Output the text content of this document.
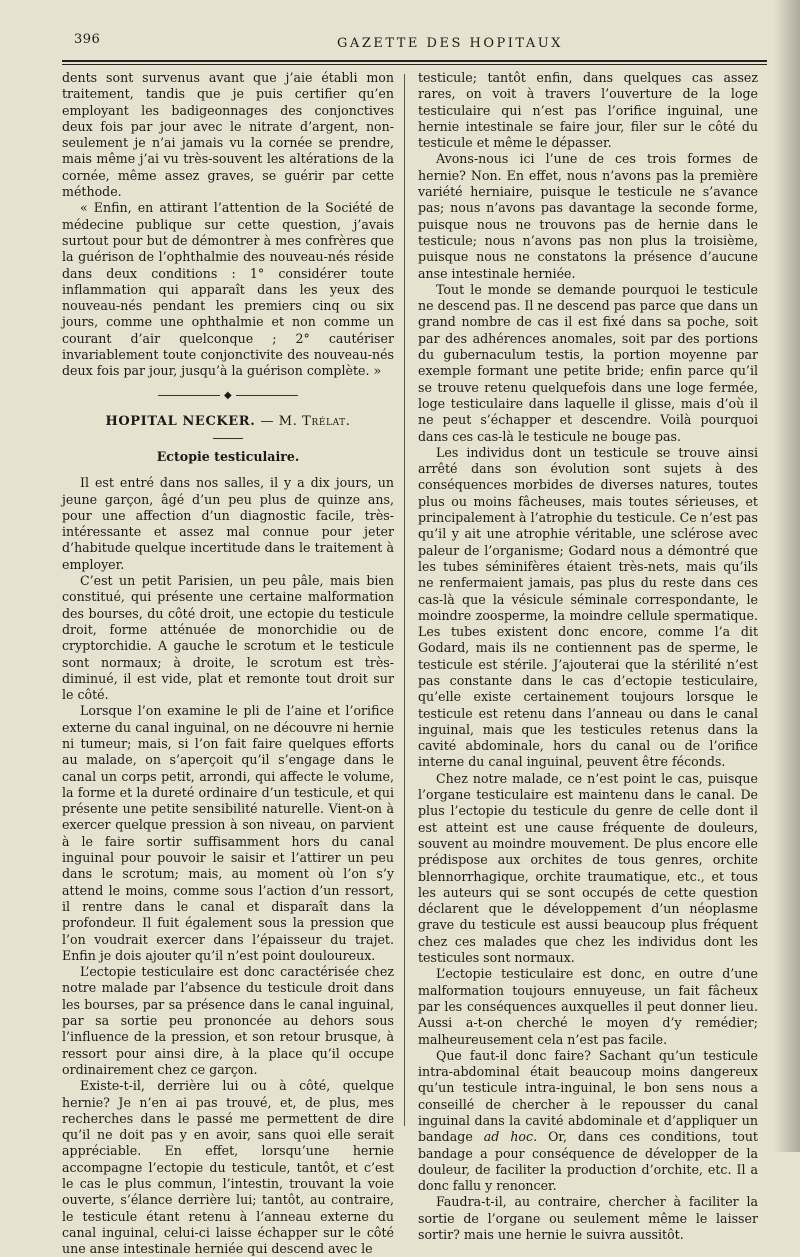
396	GAZETTE DES HOPITAUX

dents sont survenus avant que j’aie établi mon traitement, tandis que je puis certifier qu’en employant les badigeonnages des conjonctives deux fois par jour avec le nitrate d’argent, non-seulement je n’ai jamais vu la cornée se prendre, mais même j’ai vu très-souvent les altérations de la cornée, même assez graves, se guérir par cette méthode.

« Enfin, en attirant l’attention de la Société de médecine publique sur cette question, j’avais surtout pour but de démontrer à mes confrères que la guérison de l’ophthalmie des nouveau-nés réside dans deux conditions : 1° considérer toute inflammation qui apparaît dans les yeux des nouveau-nés pendant les premiers cinq ou six jours, comme une ophthalmie et non comme un courant d’air quelconque ; 2° cautériser invariablement toute conjonctivite des nouveau-nés deux fois par jour, jusqu’à la guérison complète. »

◆
HOPITAL NECKER. — M. Trélat.
Ectopie testiculaire.

Il est entré dans nos salles, il y a dix jours, un jeune garçon, âgé d’un peu plus de quinze ans, pour une affection d’un diagnostic facile, très-intéressante et assez mal connue pour jeter d’habitude quelque incertitude dans le traitement à employer.

C’est un petit Parisien, un peu pâle, mais bien constitué, qui présente une certaine malformation des bourses, du côté droit, une ectopie du testicule droit, forme atténuée de monorchidie ou de cryptorchidie. A gauche le scrotum et le testicule sont normaux; à droite, le scrotum est très-diminué, il est vide, plat et remonte tout droit sur le côté.

Lorsque l’on examine le pli de l’aine et l’orifice externe du canal inguinal, on ne découvre ni hernie ni tumeur; mais, si l’on fait faire quelques efforts au malade, on s’aperçoit qu’il s’engage dans le canal un corps petit, arrondi, qui affecte le volume, la forme et la dureté ordinaire d’un testicule, et qui présente une petite sensibilité naturelle. Vient-on à exercer quelque pression à son niveau, on parvient à le faire sortir suffisamment hors du canal inguinal pour pouvoir le saisir et l’attirer un peu dans le scrotum; mais, au moment où l’on s’y attend le moins, comme sous l’action d’un ressort, il rentre dans le canal et disparaît dans la profondeur. Il fuit également sous la pression que l’on voudrait exercer dans l’épaisseur du trajet. Enfin je dois ajouter qu’il n’est point douloureux.

L’ectopie testiculaire est donc caractérisée chez notre malade par l’absence du testicule droit dans les bourses, par sa présence dans le canal inguinal, par sa sortie peu prononcée au dehors sous l’influence de la pression, et son retour brusque, à ressort pour ainsi dire, à la place qu’il occupe ordinairement chez ce garçon.

Existe-t-il, derrière lui ou à côté, quelque hernie? Je n’en ai pas trouvé, et, de plus, mes recherches dans le passé me permettent de dire qu’il ne doit pas y en avoir, sans quoi elle serait appréciable. En effet, lorsqu’une hernie accompagne l’ectopie du testicule, tantôt, et c’est le cas le plus commun, l’intestin, trouvant la voie ouverte, s’élance derrière lui; tantôt, au contraire, le testicule étant retenu à l’anneau externe du canal inguinal, celui-ci laisse échapper sur le côté une anse intestinale herniée qui descend avec le

testicule; tantôt enfin, dans quelques cas assez rares, on voit à travers l’ouverture de la loge testiculaire qui n’est pas l’orifice inguinal, une hernie intestinale se faire jour, filer sur le côté du testicule et même le dépasser.

Avons-nous ici l’une de ces trois formes de hernie? Non. En effet, nous n’avons pas la première variété herniaire, puisque le testicule ne s’avance pas; nous n’avons pas davantage la seconde forme, puisque nous ne trouvons pas de hernie dans le testicule; nous n’avons pas non plus la troisième, puisque nous ne constatons la présence d’aucune anse intestinale herniée.

Tout le monde se demande pourquoi le testicule ne descend pas. Il ne descend pas parce que dans un grand nombre de cas il est fixé dans sa poche, soit par des adhérences anomales, soit par des portions du gubernaculum testis, la portion moyenne par exemple formant une petite bride; enfin parce qu’il se trouve retenu quelquefois dans une loge fermée, loge testiculaire dans laquelle il glisse, mais d’où il ne peut s’échapper et descendre. Voilà pourquoi dans ces cas-là le testicule ne bouge pas.

Les individus dont un testicule se trouve ainsi arrêté dans son évolution sont sujets à des conséquences morbides de diverses natures, toutes plus ou moins fâcheuses, mais toutes sérieuses, et principalement à l’atrophie du testicule. Ce n’est pas qu’il y ait une atrophie véritable, une sclérose avec paleur de l’organisme; Godard nous a démontré que les tubes séminifères étaient très-nets, mais qu’ils ne renfermaient jamais, pas plus du reste dans ces cas-là que la vésicule séminale correspondante, le moindre zoosperme, la moindre cellule spermatique. Les tubes existent donc encore, comme l’a dit Godard, mais ils ne contiennent pas de sperme, le testicule est stérile. J’ajouterai que la stérilité n’est pas constante dans le cas d’ectopie testiculaire, qu’elle existe certainement toujours lorsque le testicule est retenu dans l’anneau ou dans le canal inguinal, mais que les testicules retenus dans la cavité abdominale, hors du canal ou de l’orifice interne du canal inguinal, peuvent être féconds.

Chez notre malade, ce n’est point le cas, puisque l’organe testiculaire est maintenu dans le canal. De plus l’ectopie du testicule du genre de celle dont il est atteint est une cause fréquente de douleurs, souvent au moindre mouvement. De plus encore elle prédispose aux orchites de tous genres, orchite blennorrhagique, orchite traumatique, etc., et tous les auteurs qui se sont occupés de cette question déclarent que le développement d’un néoplasme grave du testicule est aussi beaucoup plus fréquent chez ces malades que chez les individus dont les testicules sont normaux.

L’ectopie testiculaire est donc, en outre d’une malformation toujours ennuyeuse, un fait fâcheux par les conséquences auxquelles il peut donner lieu. Aussi a-t-on cherché le moyen d’y remédier; malheureusement cela n’est pas facile.

Que faut-il donc faire? Sachant qu’un testicule intra-abdominal était beaucoup moins dangereux qu’un testicule intra-inguinal, le bon sens nous a conseillé de chercher à le repousser du canal inguinal dans la cavité abdominale et d’appliquer un bandage ad hoc. Or, dans ces conditions, tout bandage a pour conséquence de développer de la douleur, de faciliter la production d’orchite, etc. Il a donc fallu y renoncer.

Faudra-t-il, au contraire, chercher à faciliter la sortie de l’organe ou seulement même le laisser sortir? mais une hernie le suivra aussitôt.
